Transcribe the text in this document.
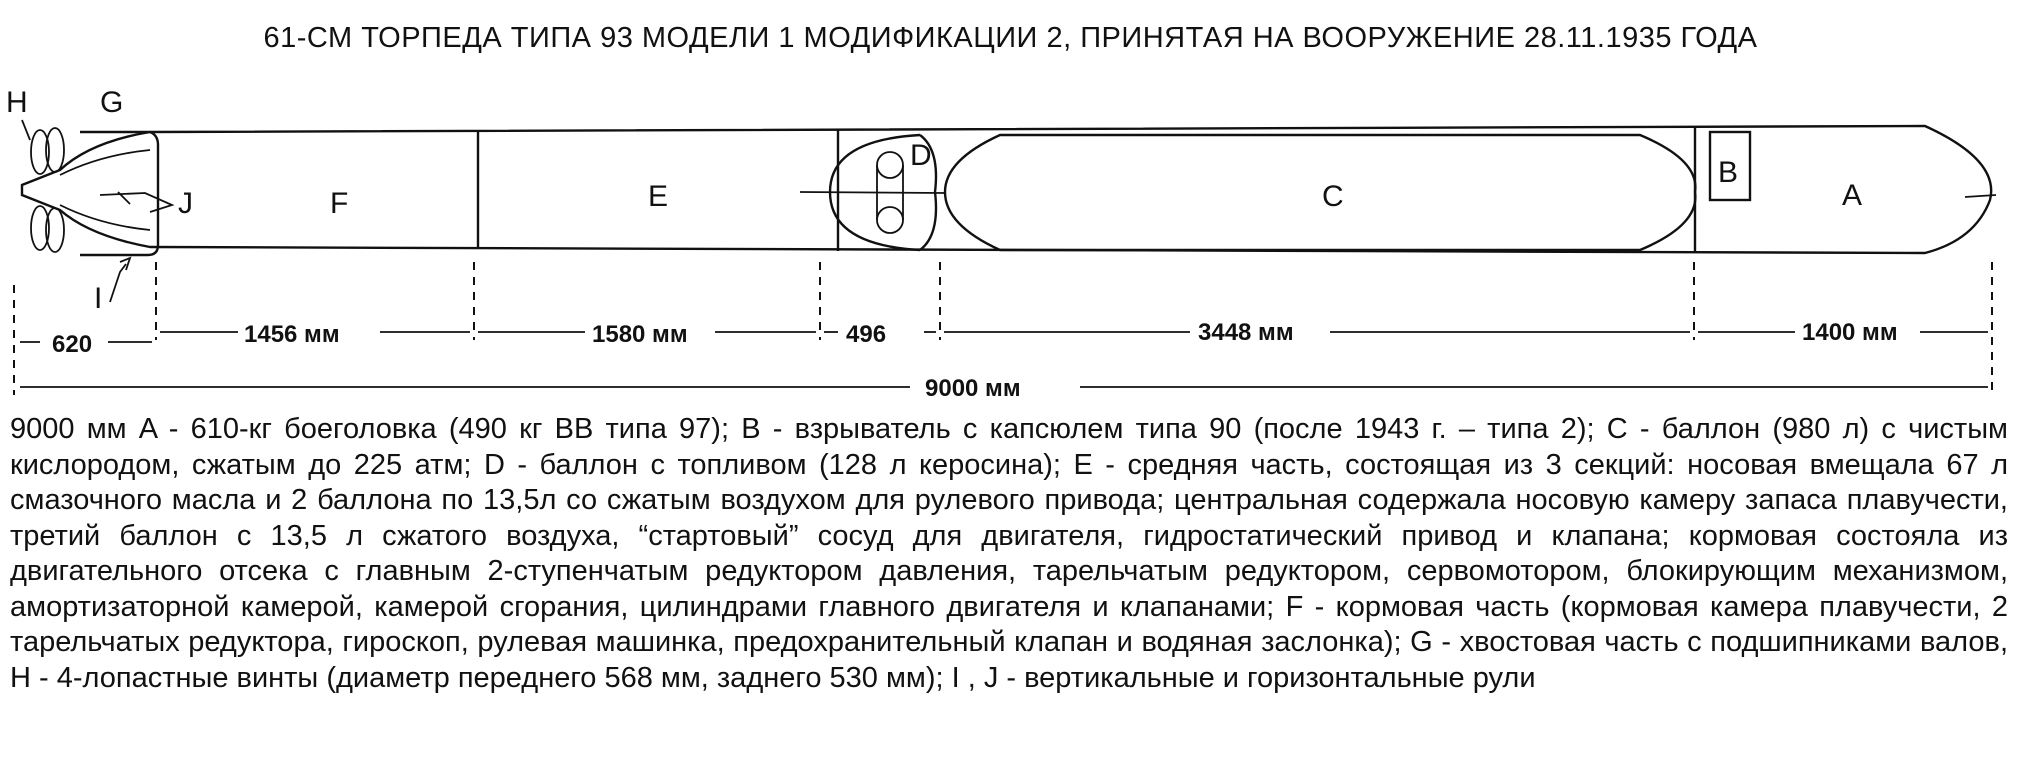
61-СМ ТОРПЕДА ТИПА 93 МОДЕЛИ 1 МОДИФИКАЦИИ 2, ПРИНЯТАЯ НА ВООРУЖЕНИЕ 28.11.1935 ГОДА
H G
J	F	E
D
C
B
A
I
620	1456 мм	1580 мм	496	3448 мм	1400 мм
9000 мм
9000 мм A - 610-кг боеголовка (490 кг ВВ типа 97); B - взрыватель с капсюлем типа 90 (после 1943 г. – типа 2); C - баллон (980 л) с чистым кислородом, сжатым до 225 атм; D - баллон с топливом (128 л керосина); E - средняя часть, состоящая из 3 секций: носовая вмещала 67 л смазочного масла и 2 баллона по 13,5л со сжатым воздухом для рулевого привода; центральная содержала носовую камеру запаса плавучести, третий баллон с 13,5 л сжатого воздуха, “стартовый” сосуд для двигателя, гидростатический привод и клапана; кормовая состояла из двигательного отсека с главным 2-ступенчатым редуктором давления, тарельчатым редуктором, сервомотором, блокирующим механизмом, амортизаторной камерой, камерой сгорания, цилиндрами главного двигателя и клапанами; F - кормовая часть (кормовая камера плавучести, 2 тарельчатых редуктора, гироскоп, рулевая машинка, предохранительный клапан и водяная заслонка); G - хвостовая часть с подшипниками валов, H - 4-лопастные винты (диаметр переднего 568 мм, заднего 530 мм); I , J - вертикальные и горизонтальные рули
